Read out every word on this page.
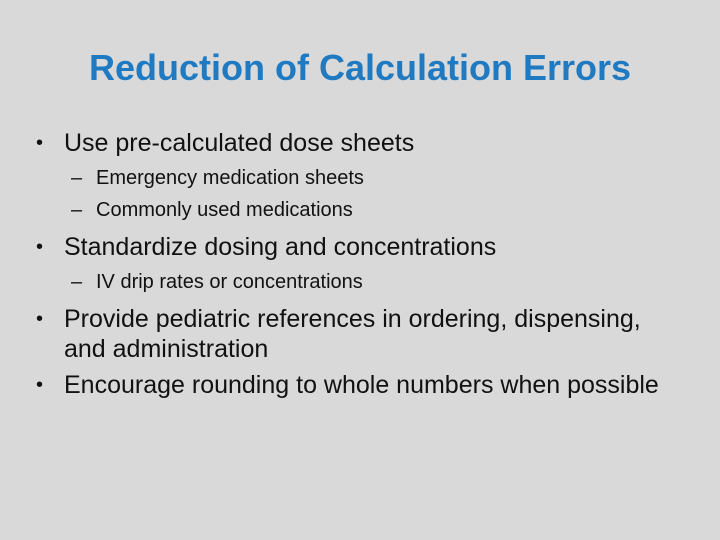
Reduction of Calculation Errors
• Use pre-calculated dose sheets
– Emergency medication sheets
– Commonly used medications
• Standardize dosing and concentrations
– IV drip rates or concentrations
• Provide pediatric references in ordering, dispensing, and administration
• Encourage rounding to whole numbers when possible
